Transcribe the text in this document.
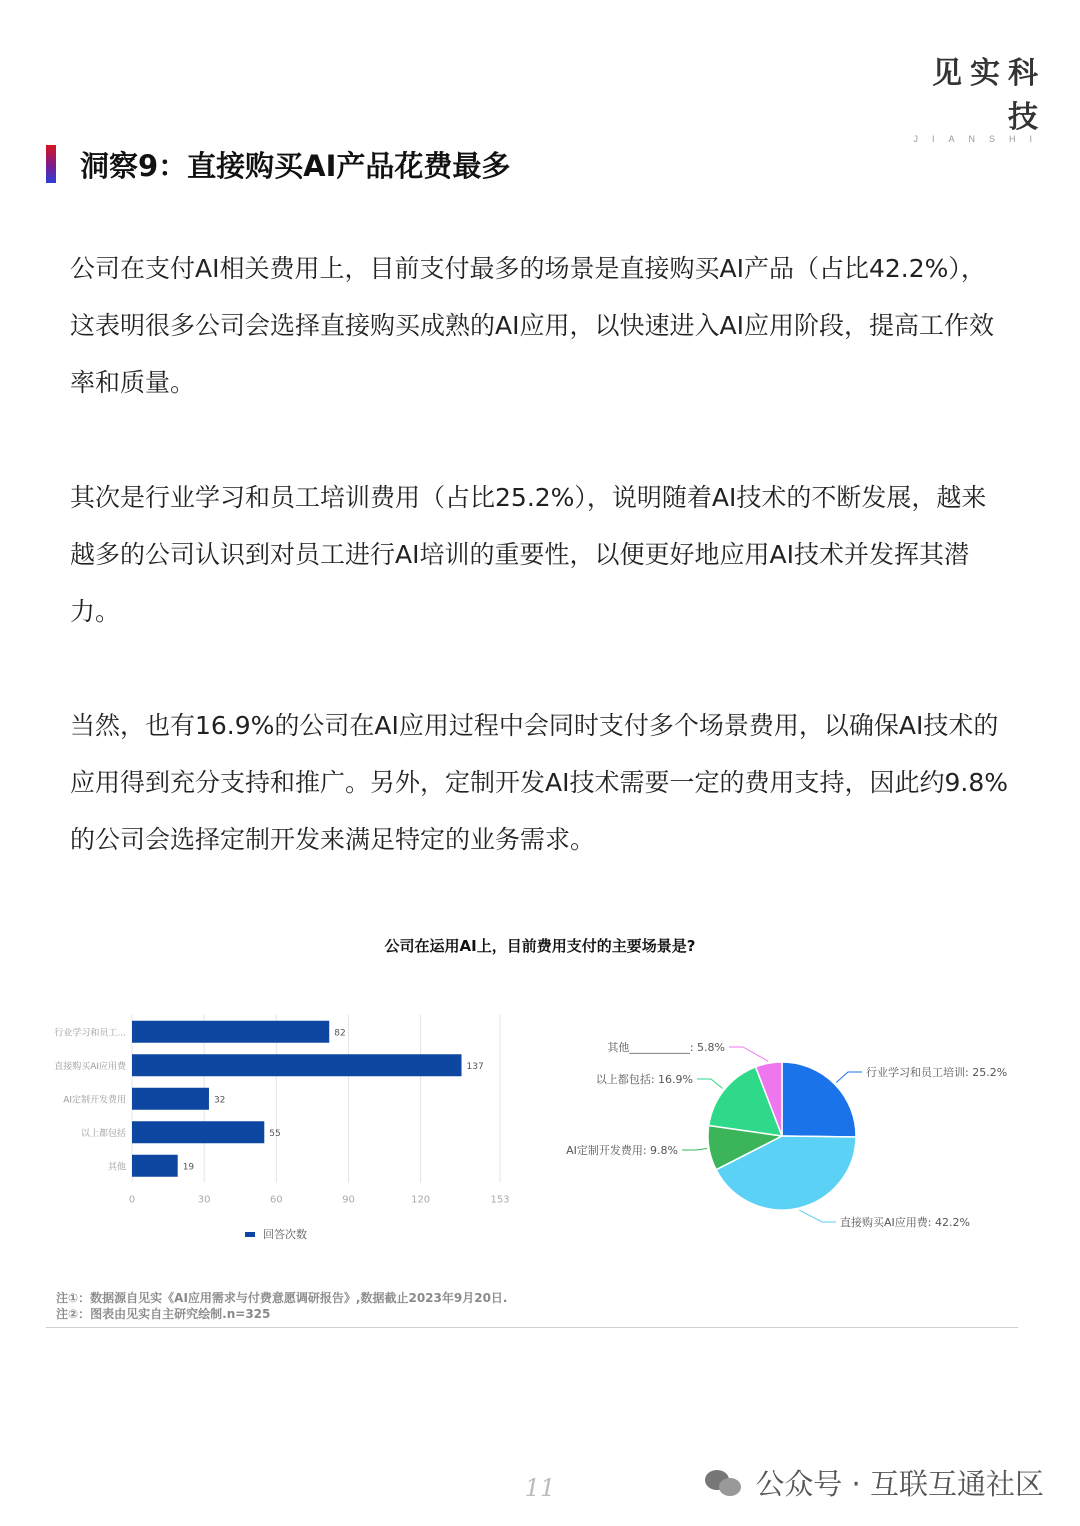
见实科技
JIANSHI
洞察9：直接购买AI产品花费最多

公司在支付AI相关费用上，目前支付最多的场景是直接购买AI产品（占比42.2%），这表明很多公司会选择直接购买成熟的AI应用，以快速进入AI应用阶段，提高工作效率和质量。

其次是行业学习和员工培训费用（占比25.2%），说明随着AI技术的不断发展，越来越多的公司认识到对员工进行AI培训的重要性，以便更好地应用AI技术并发挥其潜力。

当然，也有16.9%的公司在AI应用过程中会同时支付多个场景费用，以确保AI技术的应用得到充分支持和推广。另外，定制开发AI技术需要一定的费用支持，因此约9.8%的公司会选择定制开发来满足特定的业务需求。

公司在运用AI上，目前费用支付的主要场景是?
0	30	60	90	120	153
行业学习和员工...	82
直接购买AI应用费	137
AI定制开发费用	32
以上都包括	55
其他	19
回答次数
行业学习和员工培训: 25.2%
直接购买AI应用费: 42.2%
AI定制开发费用: 9.8%
以上都包括: 16.9%
其他___________: 5.8%
注①：数据源自见实《AI应用需求与付费意愿调研报告》,数据截止2023年9月20日.
注②：图表由见实自主研究绘制.n=325
11	公众号 · 互联互通社区
